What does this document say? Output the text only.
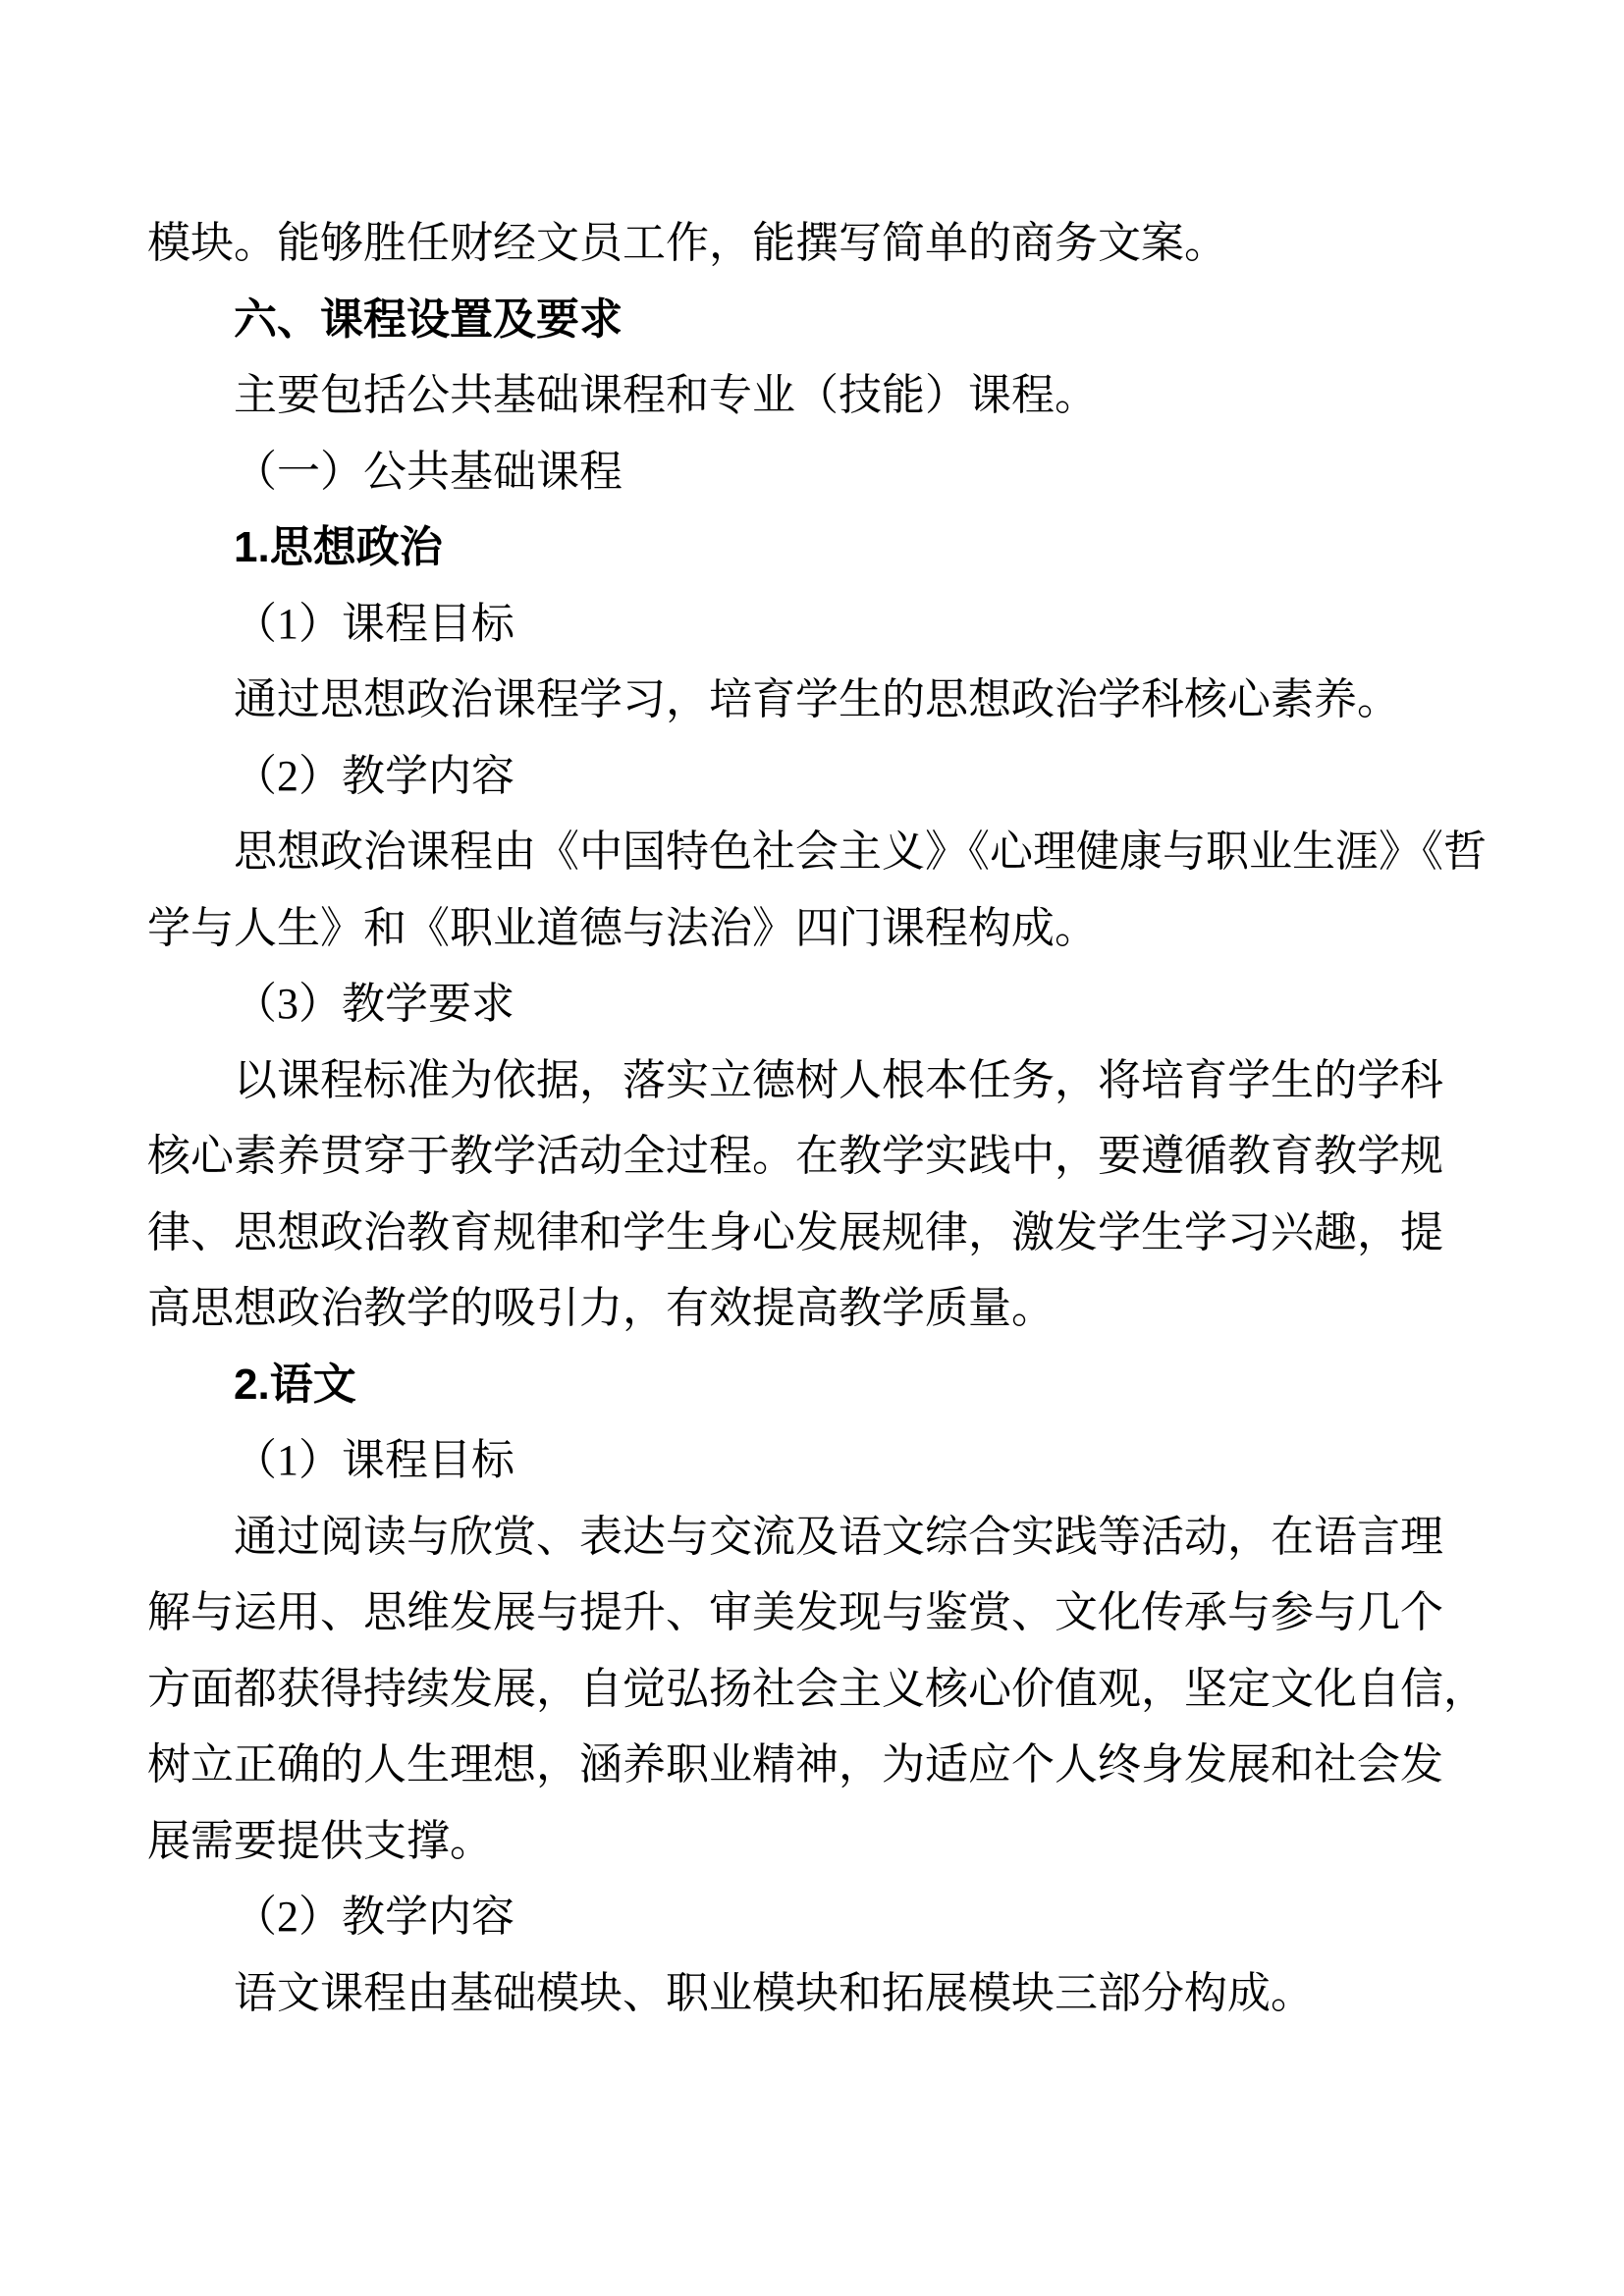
模块。能够胜任财经文员工作，能撰写简单的商务文案。
六、课程设置及要求
主要包括公共基础课程和专业（技能）课程。
（一）公共基础课程
1.思想政治
（1）课程目标
通过思想政治课程学习，培育学生的思想政治学科核心素养。
（2）教学内容
思想政治课程由《中国特色社会主义》《心理健康与职业生涯》《哲
学与人生》和《职业道德与法治》四门课程构成。
（3）教学要求
以课程标准为依据，落实立德树人根本任务，将培育学生的学科
核心素养贯穿于教学活动全过程。在教学实践中，要遵循教育教学规
律、思想政治教育规律和学生身心发展规律，激发学生学习兴趣，提
高思想政治教学的吸引力，有效提高教学质量。
2.语文
（1）课程目标
通过阅读与欣赏、表达与交流及语文综合实践等活动，在语言理
解与运用、思维发展与提升、审美发现与鉴赏、文化传承与参与几个
方面都获得持续发展，自觉弘扬社会主义核心价值观，坚定文化自信，
树立正确的人生理想，涵养职业精神，为适应个人终身发展和社会发
展需要提供支撑。
（2）教学内容
语文课程由基础模块、职业模块和拓展模块三部分构成。
